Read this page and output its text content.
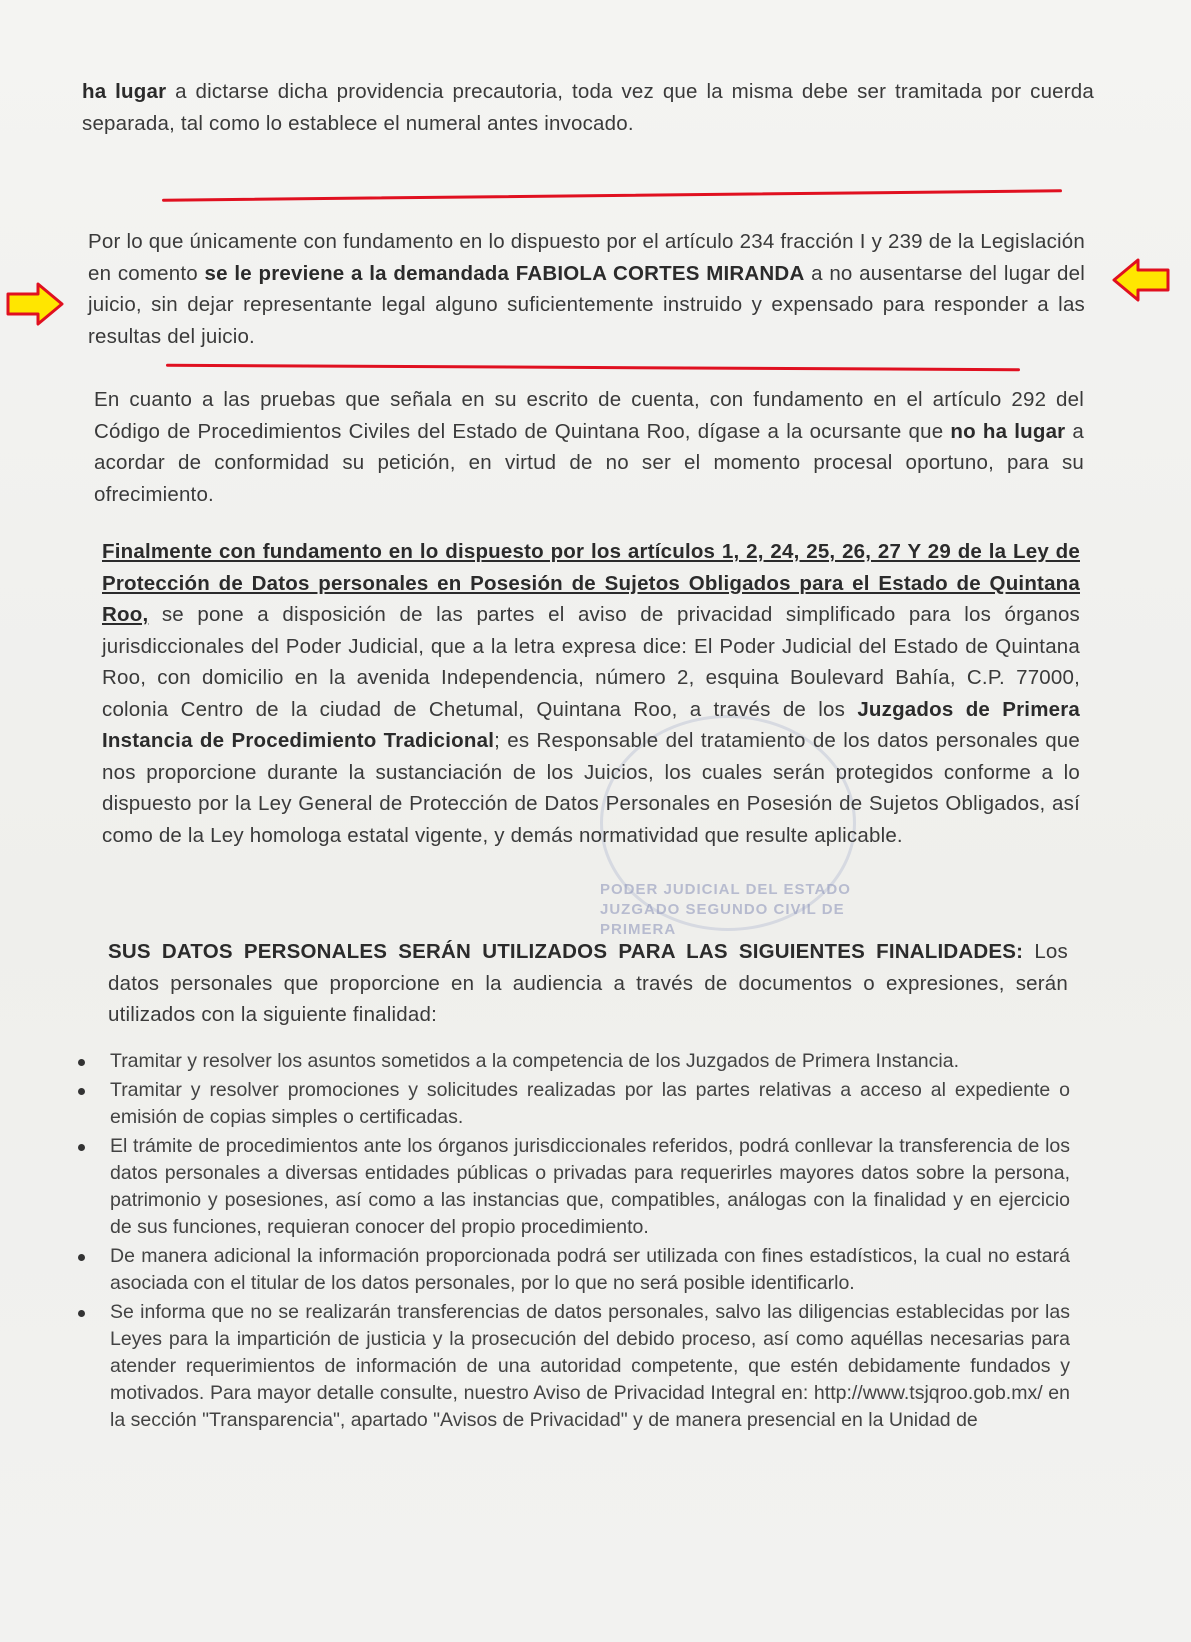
ha lugar a dictarse dicha providencia precautoria, toda vez que la misma debe ser tramitada por cuerda separada, tal como lo establece el numeral antes invocado.
Por lo que únicamente con fundamento en lo dispuesto por el artículo 234 fracción I y 239 de la Legislación en comento se le previene a la demandada FABIOLA CORTES MIRANDA a no ausentarse del lugar del juicio, sin dejar representante legal alguno suficientemente instruido y expensado para responder a las resultas del juicio.
En cuanto a las pruebas que señala en su escrito de cuenta, con fundamento en el artículo 292 del Código de Procedimientos Civiles del Estado de Quintana Roo, dígase a la ocursante que no ha lugar a acordar de conformidad su petición, en virtud de no ser el momento procesal oportuno, para su ofrecimiento.
Finalmente con fundamento en lo dispuesto por los artículos 1, 2, 24, 25, 26, 27 Y 29 de la Ley de Protección de Datos personales en Posesión de Sujetos Obligados para el Estado de Quintana Roo, se pone a disposición de las partes el aviso de privacidad simplificado para los órganos jurisdiccionales del Poder Judicial, que a la letra expresa dice: El Poder Judicial del Estado de Quintana Roo, con domicilio en la avenida Independencia, número 2, esquina Boulevard Bahía, C.P. 77000, colonia Centro de la ciudad de Chetumal, Quintana Roo, a través de los Juzgados de Primera Instancia de Procedimiento Tradicional; es Responsable del tratamiento de los datos personales que nos proporcione durante la sustanciación de los Juicios, los cuales serán protegidos conforme a lo dispuesto por la Ley General de Protección de Datos Personales en Posesión de Sujetos Obligados, así como de la Ley homologa estatal vigente, y demás normatividad que resulte aplicable.
PODER JUDICIAL DEL ESTADO
JUZGADO SEGUNDO CIVIL DE PRIMERA
SUS DATOS PERSONALES SERÁN UTILIZADOS PARA LAS SIGUIENTES FINALIDADES: Los datos personales que proporcione en la audiencia a través de documentos o expresiones, serán utilizados con la siguiente finalidad:
Tramitar y resolver los asuntos sometidos a la competencia de los Juzgados de Primera Instancia.
Tramitar y resolver promociones y solicitudes realizadas por las partes relativas a acceso al expediente o emisión de copias simples o certificadas.
El trámite de procedimientos ante los órganos jurisdiccionales referidos, podrá conllevar la transferencia de los datos personales a diversas entidades públicas o privadas para requerirles mayores datos sobre la persona, patrimonio y posesiones, así como a las instancias que, compatibles, análogas con la finalidad y en ejercicio de sus funciones, requieran conocer del propio procedimiento.
De manera adicional la información proporcionada podrá ser utilizada con fines estadísticos, la cual no estará asociada con el titular de los datos personales, por lo que no será posible identificarlo.
Se informa que no se realizarán transferencias de datos personales, salvo las diligencias establecidas por las Leyes para la impartición de justicia y la prosecución del debido proceso, así como aquéllas necesarias para atender requerimientos de información de una autoridad competente, que estén debidamente fundados y motivados. Para mayor detalle consulte, nuestro Aviso de Privacidad Integral en: http://www.tsjqroo.gob.mx/ en la sección "Transparencia", apartado "Avisos de Privacidad" y de manera presencial en la Unidad de
